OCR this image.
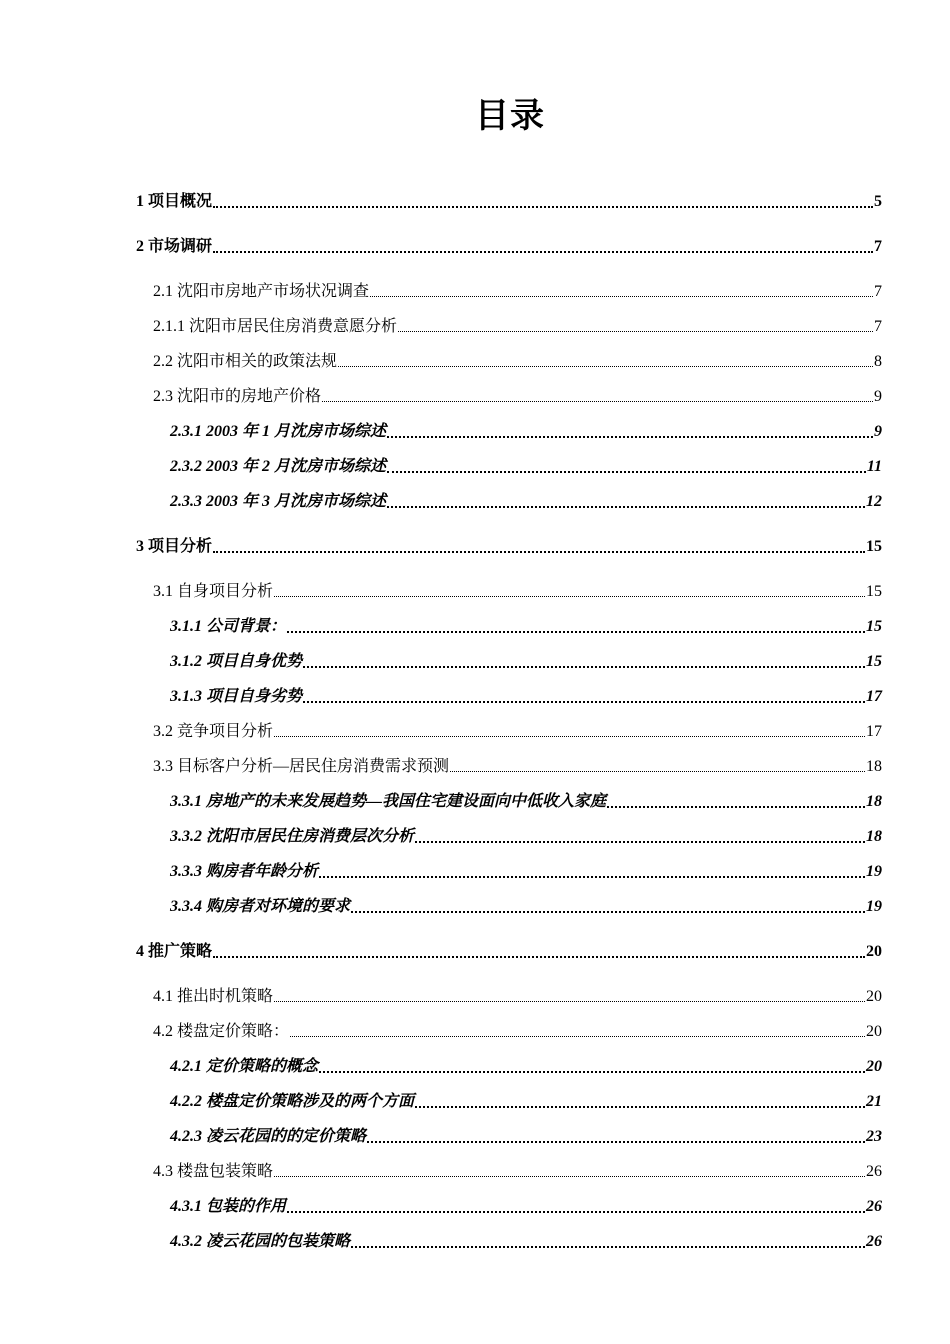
目录
1 项目概况	5
2 市场调研	7
2.1 沈阳市房地产市场状况调查	7
2.1.1 沈阳市居民住房消费意愿分析	7
2.2 沈阳市相关的政策法规	8
2.3 沈阳市的房地产价格	9
2.3.1 2003 年 1 月沈房市场综述	9
2.3.2 2003 年 2 月沈房市场综述	11
2.3.3 2003 年 3 月沈房市场综述	12
3 项目分析	15
3.1 自身项目分析	15
3.1.1 公司背景：	15
3.1.2 项目自身优势	15
3.1.3 项目自身劣势	17
3.2 竞争项目分析	17
3.3 目标客户分析—居民住房消费需求预测	18
3.3.1 房地产的未来发展趋势—我国住宅建设面向中低收入家庭	18
3.3.2 沈阳市居民住房消费层次分析	18
3.3.3 购房者年龄分析	19
3.3.4 购房者对环境的要求	19
4 推广策略	20
4.1 推出时机策略	20
4.2 楼盘定价策略：	20
4.2.1 定价策略的概念	20
4.2.2 楼盘定价策略涉及的两个方面	21
4.2.3 凌云花园的的定价策略	23
4.3 楼盘包装策略	26
4.3.1 包装的作用	26
4.3.2 凌云花园的包装策略	26
